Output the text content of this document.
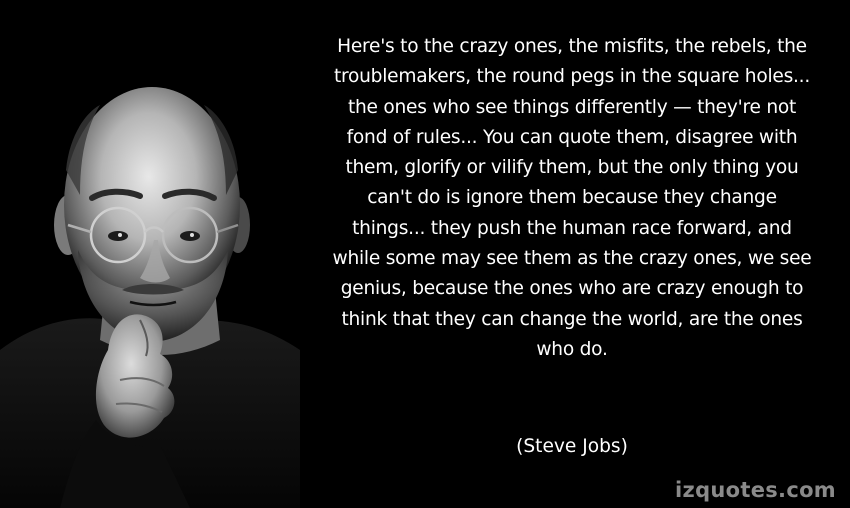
Here's to the crazy ones, the misfits, the rebels, the
troublemakers, the round pegs in the square holes...
the ones who see things differently — they're not
fond of rules... You can quote them, disagree with
them, glorify or vilify them, but the only thing you
can't do is ignore them because they change
things... they push the human race forward, and
while some may see them as the crazy ones, we see
genius, because the ones who are crazy enough to
think that they can change the world, are the ones
who do.
(Steve Jobs)
izquotes.com
